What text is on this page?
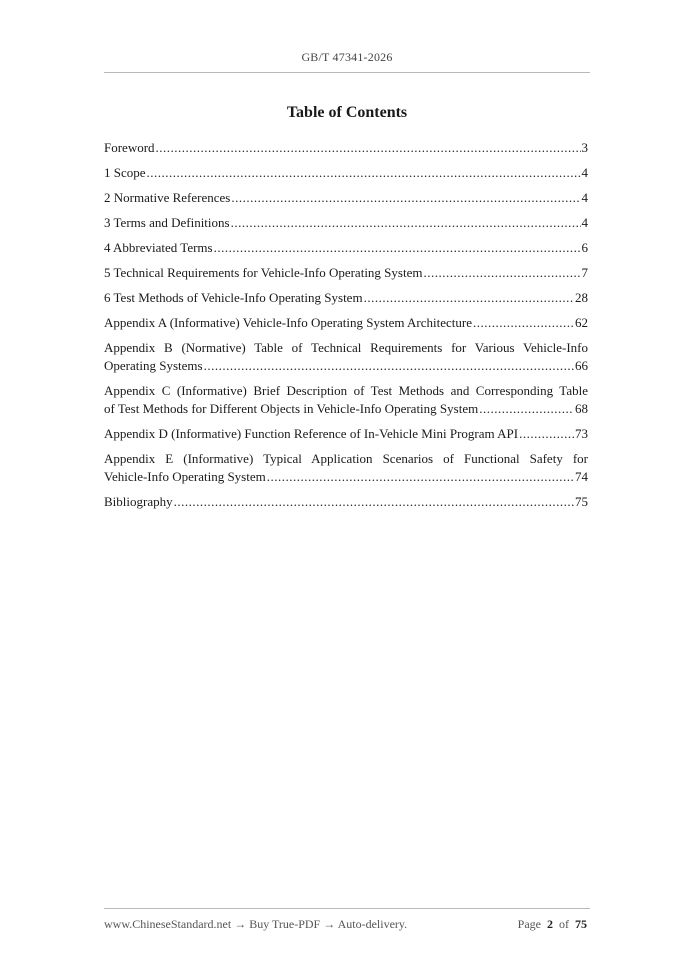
GB/T 47341-2026
Table of Contents
Foreword .....	3
1 Scope .....	4
2 Normative References .....	4
3 Terms and Definitions .....	4
4 Abbreviated Terms .....	6
5 Technical Requirements for Vehicle-Info Operating System .....	7
6 Test Methods of Vehicle-Info Operating System .....	28
Appendix A (Informative) Vehicle-Info Operating System Architecture .....	62
Appendix B (Normative) Table of Technical Requirements for Various Vehicle-Info
Operating Systems .....	66
Appendix C (Informative) Brief Description of Test Methods and Corresponding Table
of Test Methods for Different Objects in Vehicle-Info Operating System .....	68
Appendix D (Informative) Function Reference of In-Vehicle Mini Program API .....	73
Appendix E (Informative) Typical Application Scenarios of Functional Safety for
Vehicle-Info Operating System .....	74
Bibliography .....	75
www.ChineseStandard.net → Buy True-PDF → Auto-delivery.	Page 2 of 75
